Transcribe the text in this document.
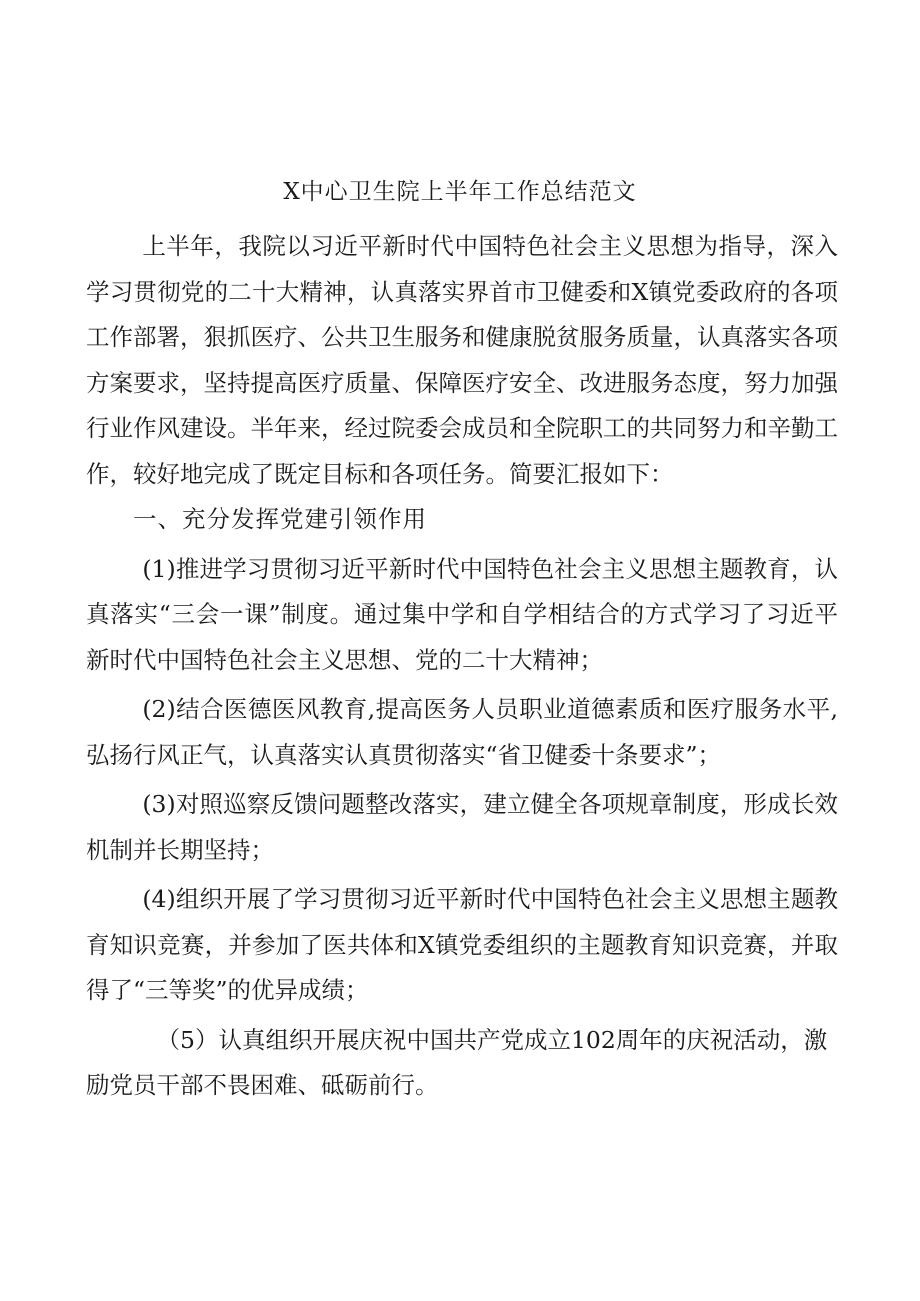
X中心卫生院上半年工作总结范文

上半年，我院以习近平新时代中国特色社会主义思想为指导，深入学习贯彻党的二十大精神，认真落实界首市卫健委和X镇党委政府的各项工作部署，狠抓医疗、公共卫生服务和健康脱贫服务质量，认真落实各项方案要求，坚持提高医疗质量、保障医疗安全、改进服务态度，努力加强行业作风建设。半年来，经过院委会成员和全院职工的共同努力和辛勤工作，较好地完成了既定目标和各项任务。简要汇报如下：

一、充分发挥党建引领作用

(1)推进学习贯彻习近平新时代中国特色社会主义思想主题教育，认真落实“三会一课”制度。通过集中学和自学相结合的方式学习了习近平新时代中国特色社会主义思想、党的二十大精神；

(2)结合医德医风教育,提高医务人员职业道德素质和医疗服务水平,弘扬行风正气，认真落实认真贯彻落实“省卫健委十条要求”；

(3)对照巡察反馈问题整改落实，建立健全各项规章制度，形成长效机制并长期坚持；

(4)组织开展了学习贯彻习近平新时代中国特色社会主义思想主题教育知识竞赛，并参加了医共体和X镇党委组织的主题教育知识竞赛，并取得了“三等奖”的优异成绩；

（5）认真组织开展庆祝中国共产党成立102周年的庆祝活动，激励党员干部不畏困难、砥砺前行。
